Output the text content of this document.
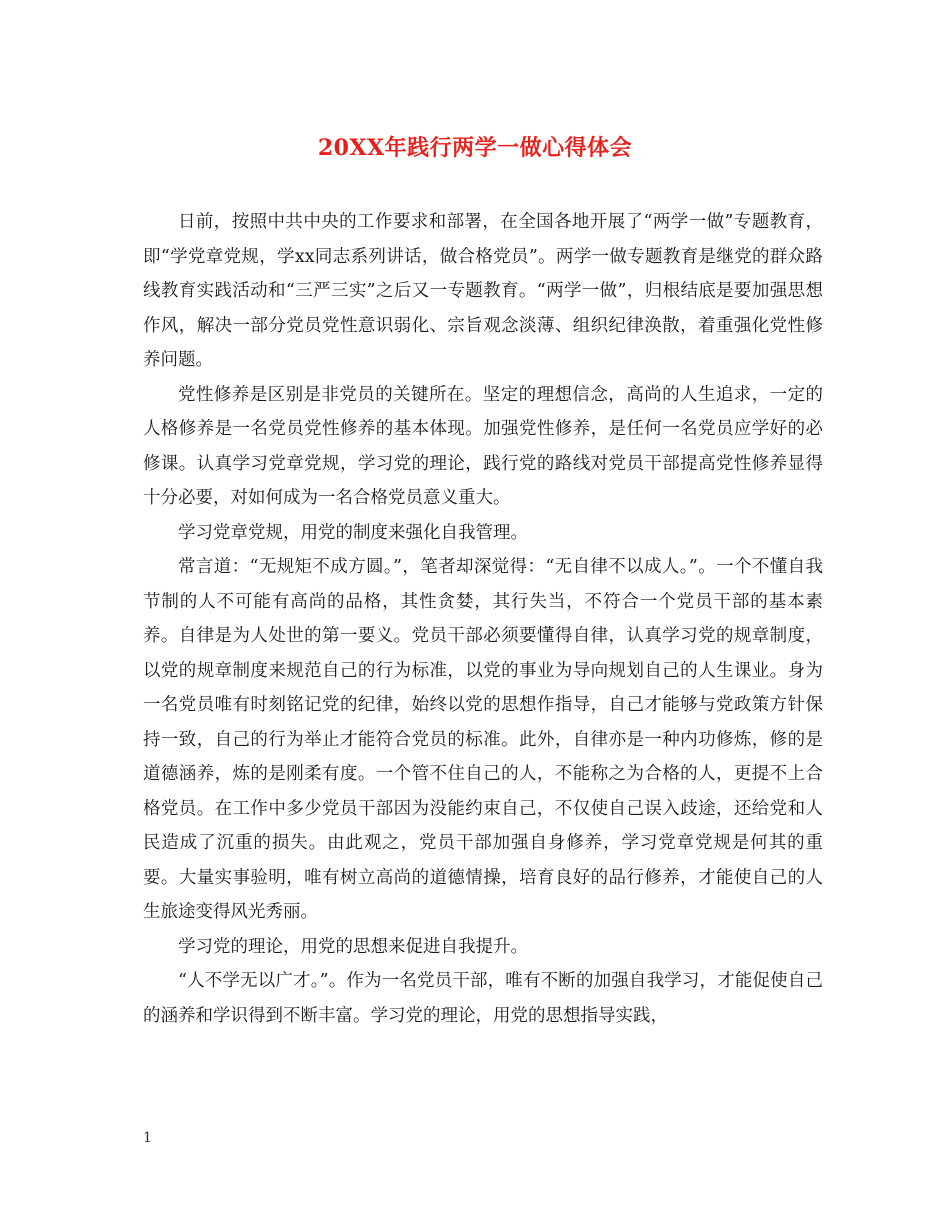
20XX年践行两学一做心得体会

日前，按照中共中央的工作要求和部署，在全国各地开展了“两学一做”专题教育，即“学党章党规，学xx同志系列讲话，做合格党员”。两学一做专题教育是继党的群众路线教育实践活动和“三严三实”之后又一专题教育。“两学一做”，归根结底是要加强思想作风，解决一部分党员党性意识弱化、宗旨观念淡薄、组织纪律涣散，着重强化党性修养问题。

党性修养是区别是非党员的关键所在。坚定的理想信念，高尚的人生追求，一定的人格修养是一名党员党性修养的基本体现。加强党性修养，是任何一名党员应学好的必修课。认真学习党章党规，学习党的理论，践行党的路线对党员干部提高党性修养显得十分必要，对如何成为一名合格党员意义重大。

学习党章党规，用党的制度来强化自我管理。

常言道：“无规矩不成方圆。”，笔者却深觉得：“无自律不以成人。”。一个不懂自我节制的人不可能有高尚的品格，其性贪婪，其行失当，不符合一个党员干部的基本素养。自律是为人处世的第一要义。党员干部必须要懂得自律，认真学习党的规章制度，以党的规章制度来规范自己的行为标准，以党的事业为导向规划自己的人生课业。身为一名党员唯有时刻铭记党的纪律，始终以党的思想作指导，自己才能够与党政策方针保持一致，自己的行为举止才能符合党员的标准。此外，自律亦是一种内功修炼，修的是道德涵养，炼的是刚柔有度。一个管不住自己的人，不能称之为合格的人，更提不上合格党员。在工作中多少党员干部因为没能约束自己，不仅使自己误入歧途，还给党和人民造成了沉重的损失。由此观之，党员干部加强自身修养，学习党章党规是何其的重要。大量实事验明，唯有树立高尚的道德情操，培育良好的品行修养，才能使自己的人生旅途变得风光秀丽。

学习党的理论，用党的思想来促进自我提升。

“人不学无以广才。”。作为一名党员干部，唯有不断的加强自我学习，才能促使自己的涵养和学识得到不断丰富。学习党的理论，用党的思想指导实践，

1
